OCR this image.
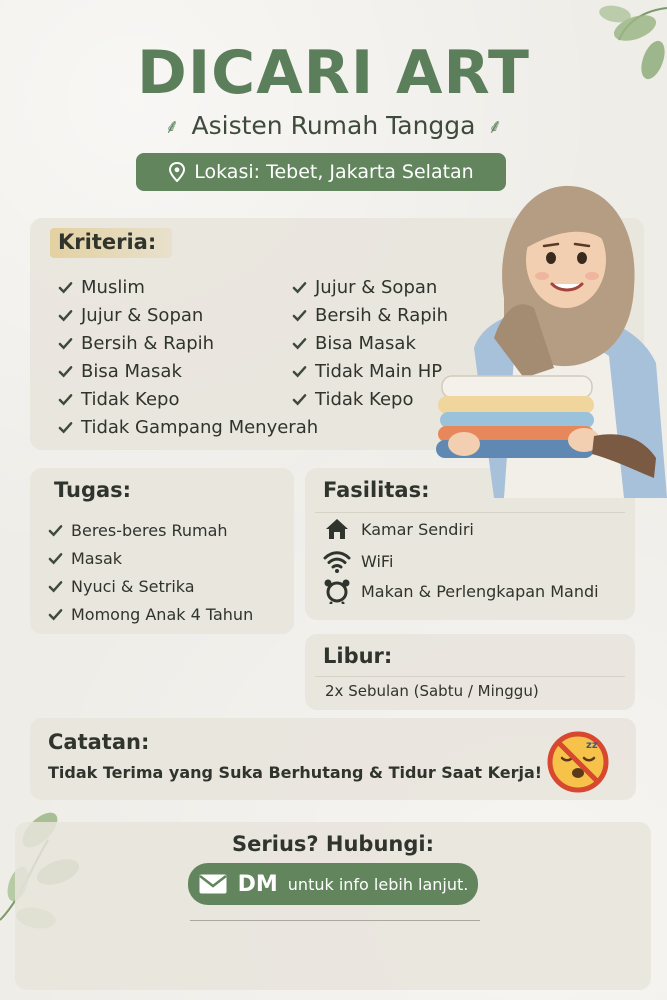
DICARI ART
⸙ Asisten Rumah Tangga ⸙
Lokasi: Tebet, Jakarta Selatan
Kriteria:
Muslim
Jujur & Sopan
Bersih & Rapih
Bisa Masak
Tidak Kepo
Tidak Gampang Menyerah
Jujur & Sopan
Bersih & Rapih
Bisa Masak
Tidak Main HP
Tidak Kepo
Tugas:
Beres-beres Rumah
Masak
Nyuci & Setrika
Momong Anak 4 Tahun
Fasilitas:
Kamar Sendiri
WiFi
Makan & Perlengkapan Mandi
Libur:
2x Sebulan (Sabtu / Minggu)
Catatan:
Tidak Terima yang Suka Berhutang & Tidur Saat Kerja!
zz
Serius? Hubungi:
DM untuk info lebih lanjut.
